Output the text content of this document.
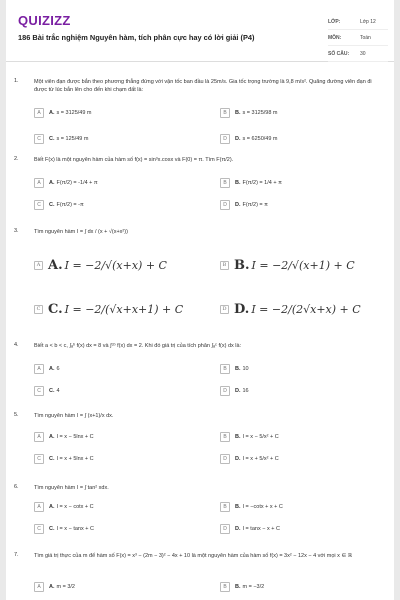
QUIZIZZ
186 Bài trắc nghiệm Nguyên hàm, tích phân cực hay có lời giải (P4)
LỚP:	Lớp 12
MÔN:	Toán
SỐ CÂU:	30
1.	Một viên đạn được bắn theo phương thẳng đứng với vận tốc ban đầu là 25m/s. Gia tốc trọng trường là 9,8 m/s². Quãng đường viên đạn đi được từ lúc bắn lên cho đến khi chạm đất là:
A	A. s = 3125/49 m	B	B. s = 3125/98 m
C	C. s = 125/49 m	D	D. s = 6250/49 m
2.	Biết F(x) là một nguyên hàm của hàm số f(x) = sin³x.cosx và F(0) = π. Tìm F(π/2).
A	A. F(π/2) = -1/4 + π	B	B. F(π/2) = 1/4 + π
C	C. F(π/2) = -π	D	D. F(π/2) = π
3.	Tìm nguyên hàm I = ∫ dx / (x + √(x+x²))
A A. I = −2/√(x+x) + C	B B. I = −2/√(x+1) + C
C C. I = −2/(√x+x+1) + C	D D. I = −2/(2√x+x) + C
4.	Biết a < b < c, ∫ₐᵇ f(x) dx = 8 và ∫ᶜᵇ f(x) dx = 2. Khi đó giá trị của tích phân ∫ₐᶜ f(x) dx là:
A	A. 6	B	B. 10
C	C. 4	D	D. 16
5.	Tìm nguyên hàm I = ∫ (x+1)/x dx.
A	A. I = x − 5lnx + C	B	B. I = x − 5/x² + C
C	C. I = x + 5lnx + C	D	D. I = x + 5/x² + C
6.	Tìm nguyên hàm I = ∫ tan² xdx.
A	A. I = x − cotx + C	B	B. I = −cotx + x + C
C	C. I = x − tanx + C	D	D. I = tanx − x + C
7.	Tìm giá trị thực của m để hàm số F(x) = x³ − (2m − 3)² − 4x + 10 là một nguyên hàm của hàm số f(x) = 3x² − 12x − 4 với mọi x ∈ ℝ
A	A. m = 3/2	B	B. m = −3/2
